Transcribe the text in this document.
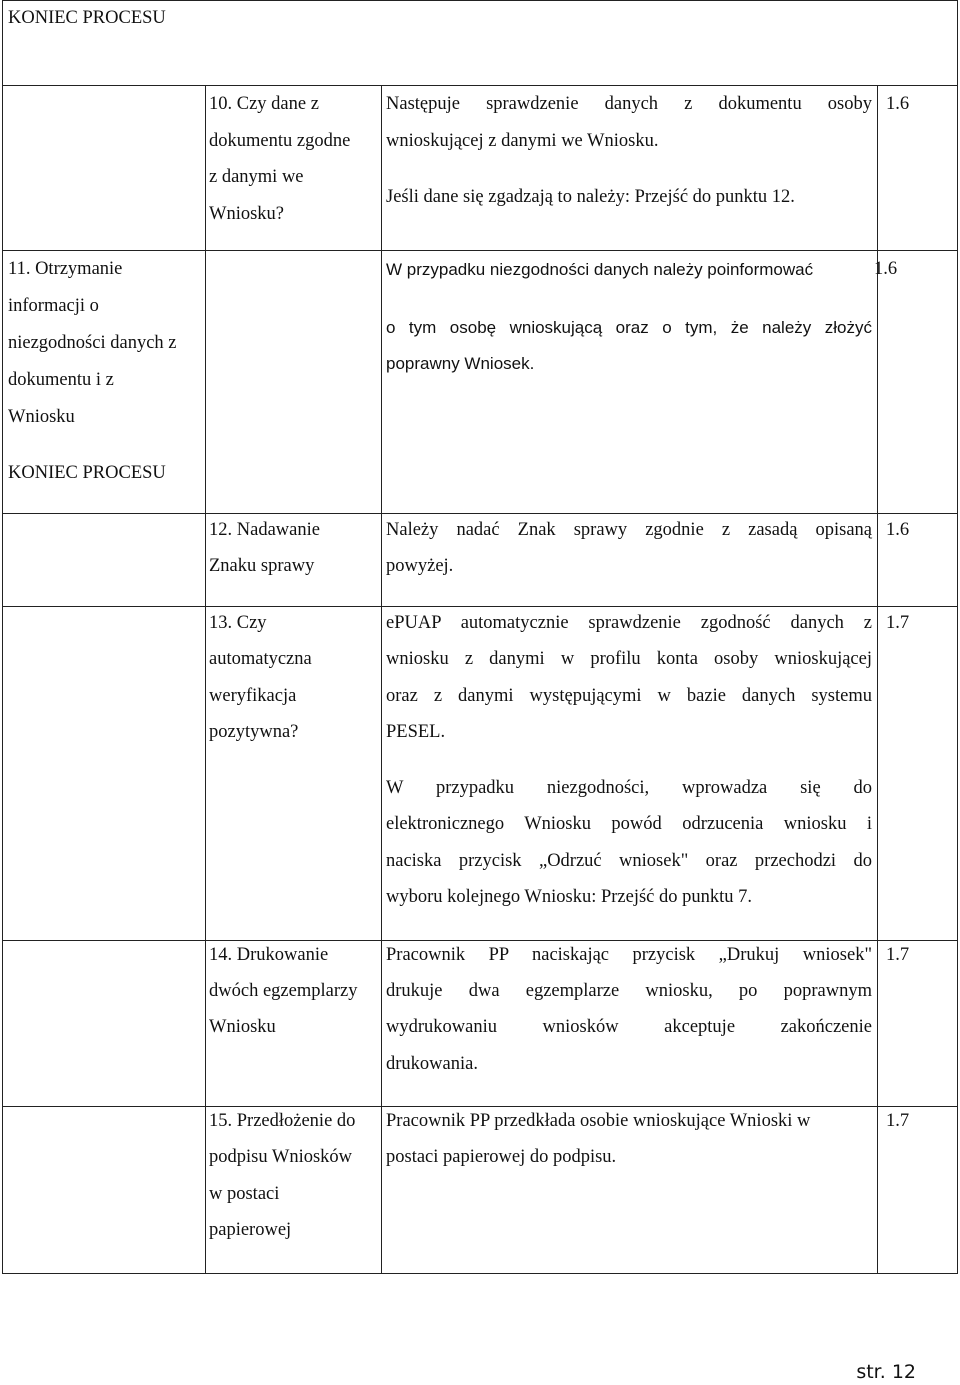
KONIEC PROCESU
10. Czy dane z
dokumentu zgodne
z danymi we
Wniosku?
Następuje sprawdzenie danych z dokumentu osoby
wnioskującej z danymi we Wniosku.
Jeśli dane się zgadzają to należy: Przejść do punktu 12.
1.6
11. Otrzymanie
informacji o
niezgodności danych z
dokumentu i z
Wniosku
W przypadku niezgodności danych należy poinformować
o tym osobę wnioskującą oraz o tym, że należy złożyć
poprawny Wniosek.
1.6
KONIEC PROCESU
12. Nadawanie
Znaku sprawy
Należy nadać Znak sprawy zgodnie z zasadą opisaną
powyżej.
1.6
13. Czy
automatyczna
weryfikacja
pozytywna?
ePUAP automatycznie sprawdzenie zgodność danych z
wniosku z danymi w profilu konta osoby wnioskującej
oraz z danymi występującymi w bazie danych systemu
PESEL.
W przypadku niezgodności, wprowadza się do
elektronicznego Wniosku powód odrzucenia wniosku i
naciska przycisk „Odrzuć wniosek" oraz przechodzi do
wyboru kolejnego Wniosku: Przejść do punktu 7.
1.7
14. Drukowanie
dwóch egzemplarzy
Wniosku
Pracownik PP naciskając przycisk „Drukuj wniosek"
drukuje dwa egzemplarze wniosku, po poprawnym
wydrukowaniu wniosków akceptuje zakończenie
drukowania.
1.7
15. Przedłożenie do
podpisu Wniosków
w postaci
papierowej
Pracownik PP przedkłada osobie wnioskujące Wnioski w
postaci papierowej do podpisu.
1.7
str. 12
